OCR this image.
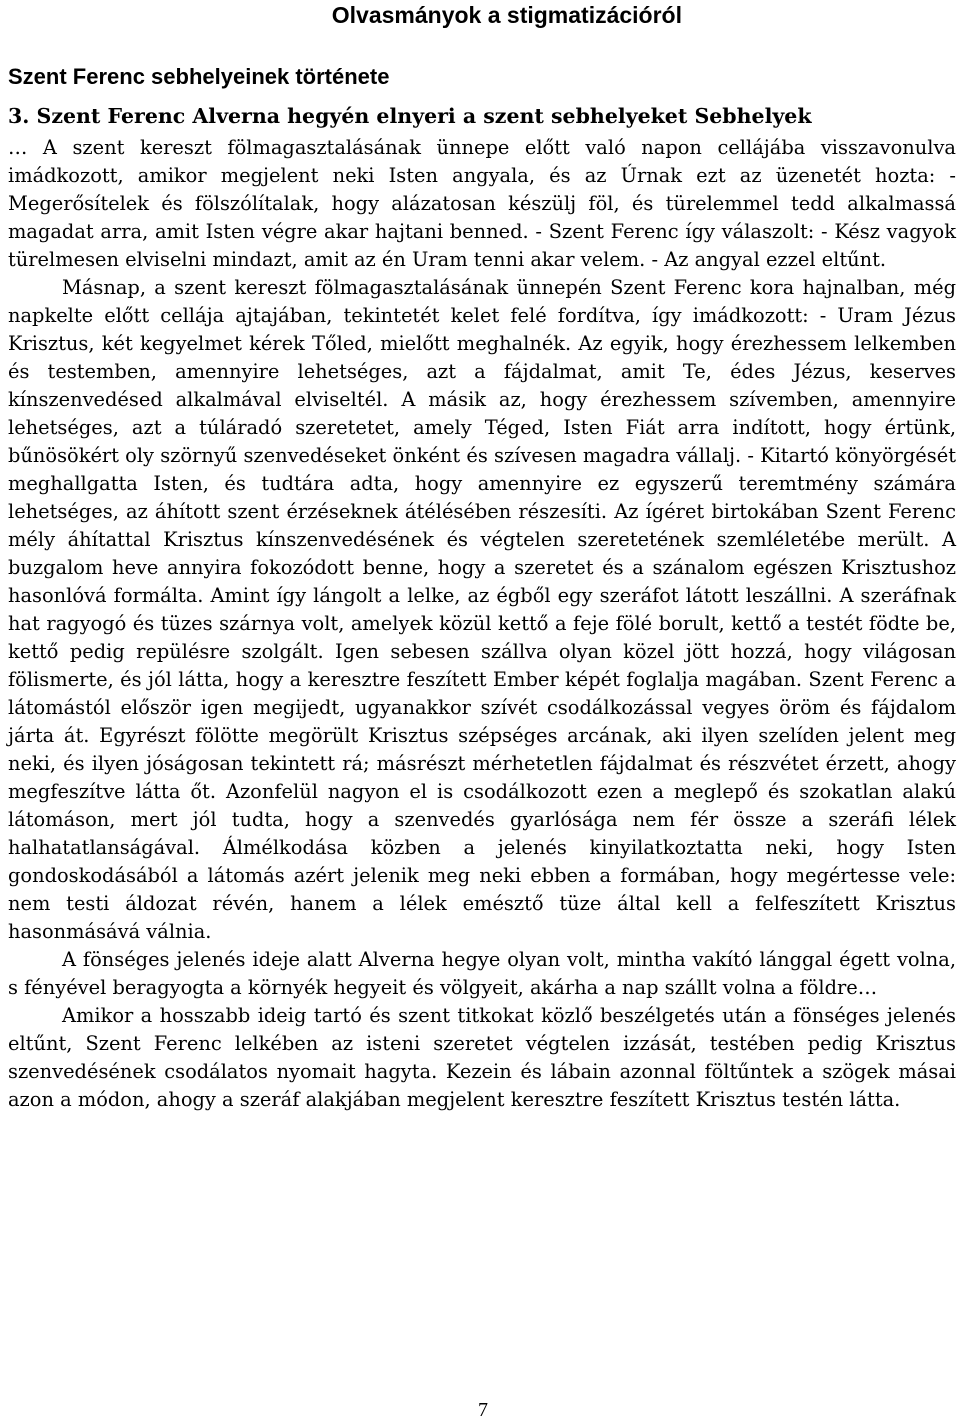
Olvasmányok a stigmatizációról
Szent Ferenc sebhelyeinek története
3. Szent Ferenc Alverna hegyén elnyeri a szent sebhelyeket Sebhelyek

… A szent kereszt fölmagasztalásának ünnepe előtt való napon cellájába visszavonulva imádkozott, amikor megjelent neki Isten angyala, és az Úrnak ezt az üzenetét hozta: - Megerősítelek és fölszólítalak, hogy alázatosan készülj föl, és türelemmel tedd alkalmassá magadat arra, amit Isten végre akar hajtani benned. - Szent Ferenc így válaszolt: - Kész vagyok türelmesen elviselni mindazt, amit az én Uram tenni akar velem. - Az angyal ezzel eltűnt.

Másnap, a szent kereszt fölmagasztalásának ünnepén Szent Ferenc kora hajnalban, még napkelte előtt cellája ajtajában, tekintetét kelet felé fordítva, így imádkozott: - Uram Jézus Krisztus, két kegyelmet kérek Tőled, mielőtt meghalnék. Az egyik, hogy érezhessem lelkemben és testemben, amennyire lehetséges, azt a fájdalmat, amit Te, édes Jézus, keserves kínszenvedésed alkalmával elviseltél. A másik az, hogy érezhessem szívemben, amennyire lehetséges, azt a túláradó szeretetet, amely Téged, Isten Fiát arra indított, hogy értünk, bűnösökért oly szörnyű szenvedéseket önként és szívesen magadra vállalj. - Kitartó könyörgését meghallgatta Isten, és tudtára adta, hogy amennyire ez egyszerű teremtmény számára lehetséges, az áhított szent érzéseknek átélésében részesíti. Az ígéret birtokában Szent Ferenc mély áhítattal Krisztus kínszenvedésének és végtelen szeretetének szemléletébe merült. A buzgalom heve annyira fokozódott benne, hogy a szeretet és a szánalom egészen Krisztushoz hasonlóvá formálta. Amint így lángolt a lelke, az égből egy szeráfot látott leszállni. A szeráfnak hat ragyogó és tüzes szárnya volt, amelyek közül kettő a feje fölé borult, kettő a testét födte be, kettő pedig repülésre szolgált. Igen sebesen szállva olyan közel jött hozzá, hogy világosan fölismerte, és jól látta, hogy a keresztre feszített Ember képét foglalja magában. Szent Ferenc a látomástól először igen megijedt, ugyanakkor szívét csodálkozással vegyes öröm és fájdalom járta át. Egyrészt fölötte megörült Krisztus szépséges arcának, aki ilyen szelíden jelent meg neki, és ilyen jóságosan tekintett rá; másrészt mérhetetlen fájdalmat és részvétet érzett, ahogy megfeszítve látta őt. Azonfelül nagyon el is csodálkozott ezen a meglepő és szokatlan alakú látomáson, mert jól tudta, hogy a szenvedés gyarlósága nem fér össze a szeráfi lélek halhatatlanságával. Álmélkodása közben a jelenés kinyilatkoztatta neki, hogy Isten gondoskodásából a látomás azért jelenik meg neki ebben a formában, hogy megértesse vele: nem testi áldozat révén, hanem a lélek emésztő tüze által kell a felfeszített Krisztus hasonmásává válnia.

A fönséges jelenés ideje alatt Alverna hegye olyan volt, mintha vakító lánggal égett volna, s fényével beragyogta a környék hegyeit és völgyeit, akárha a nap szállt volna a földre…

Amikor a hosszabb ideig tartó és szent titkokat közlő beszélgetés után a fönséges jelenés eltűnt, Szent Ferenc lelkében az isteni szeretet végtelen izzását, testében pedig Krisztus szenvedésének csodálatos nyomait hagyta. Kezein és lábain azonnal föltűntek a szögek másai azon a módon, ahogy a szeráf alakjában megjelent keresztre feszített Krisztus testén látta.

7
